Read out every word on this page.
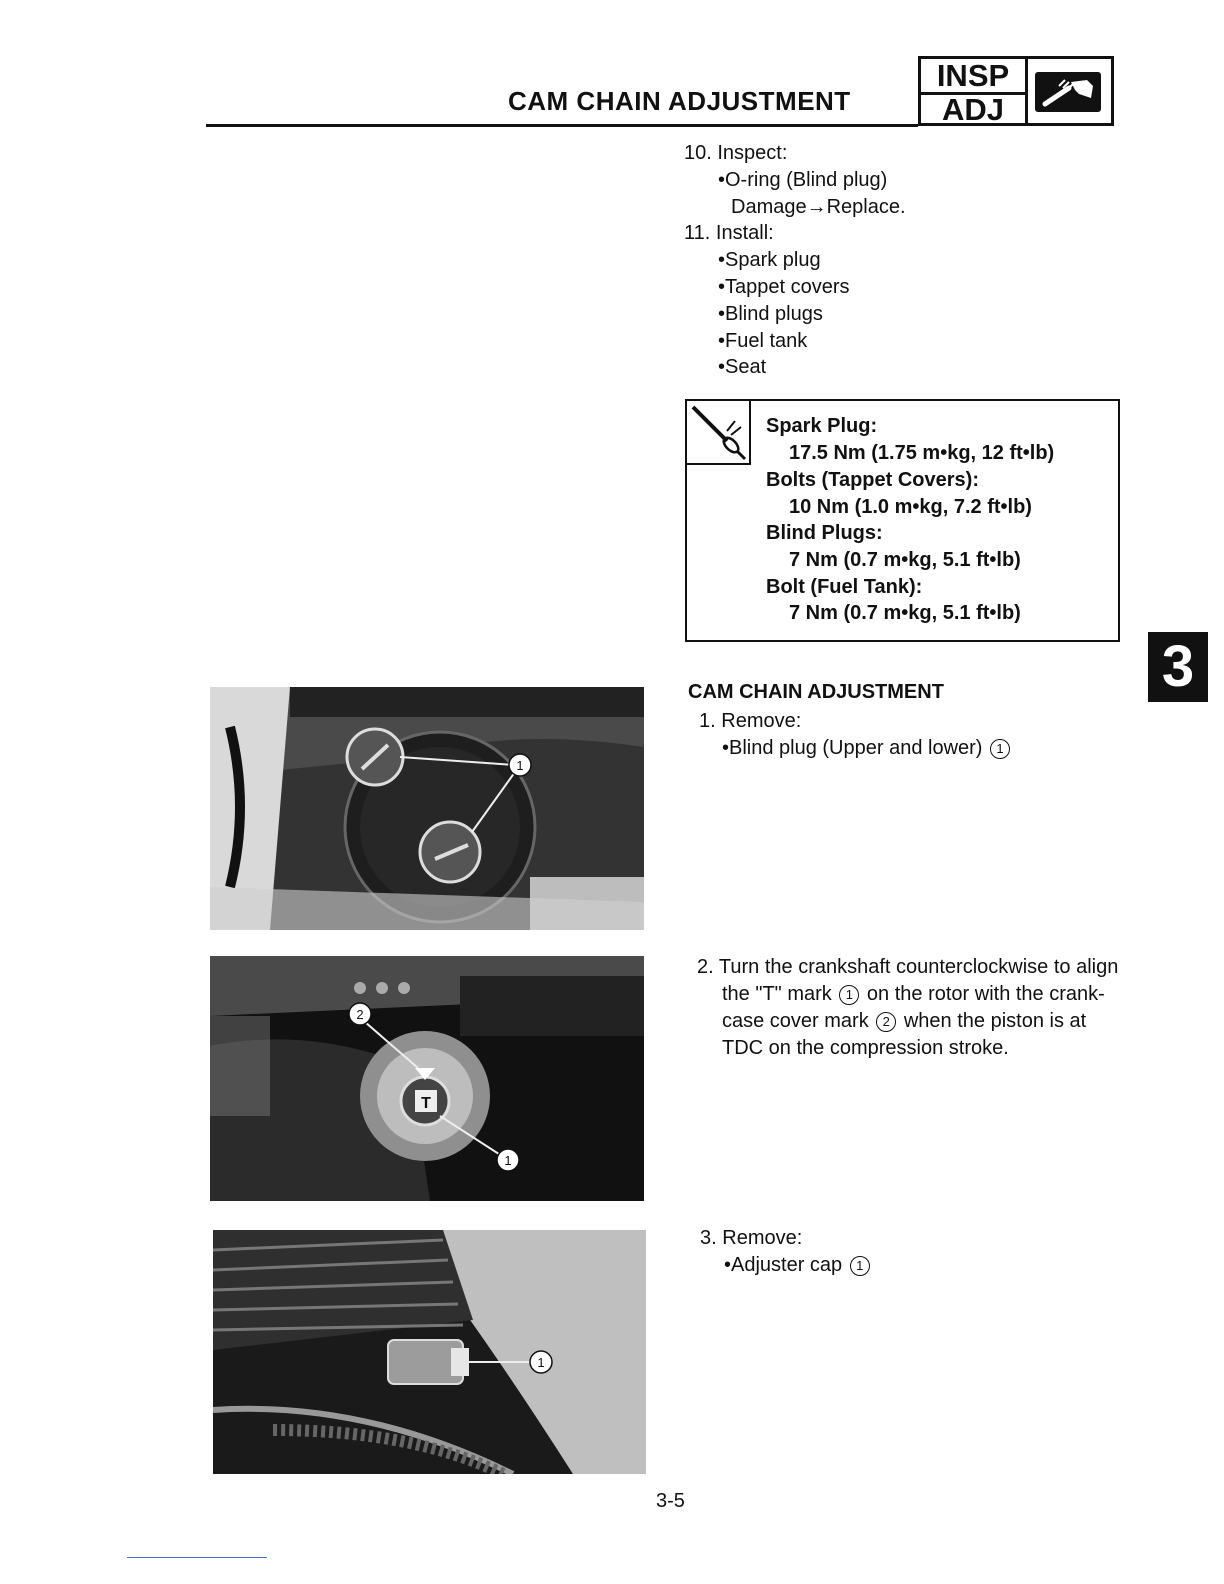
CAM CHAIN ADJUSTMENT
INSP
ADJ
10. Inspect:
•O-ring (Blind plug)
Damage→Replace.
11. Install:
•Spark plug
•Tappet covers
•Blind plugs
•Fuel tank
•Seat
Spark Plug:
17.5 Nm (1.75 m•kg, 12 ft•lb)
Bolts (Tappet Covers):
10 Nm (1.0 m•kg, 7.2 ft•lb)
Blind Plugs:
7 Nm (0.7 m•kg, 5.1 ft•lb)
Bolt (Fuel Tank):
7 Nm (0.7 m•kg, 5.1 ft•lb)
3
CAM CHAIN ADJUSTMENT
1. Remove:
•Blind plug (Upper and lower) 1
2. Turn the crankshaft counterclockwise to align
the "T" mark 1 on the rotor with the crank-
case cover mark 2 when the piston is at
TDC on the compression stroke.
3. Remove:
•Adjuster cap 1
1
T
2
1
1
3-5
